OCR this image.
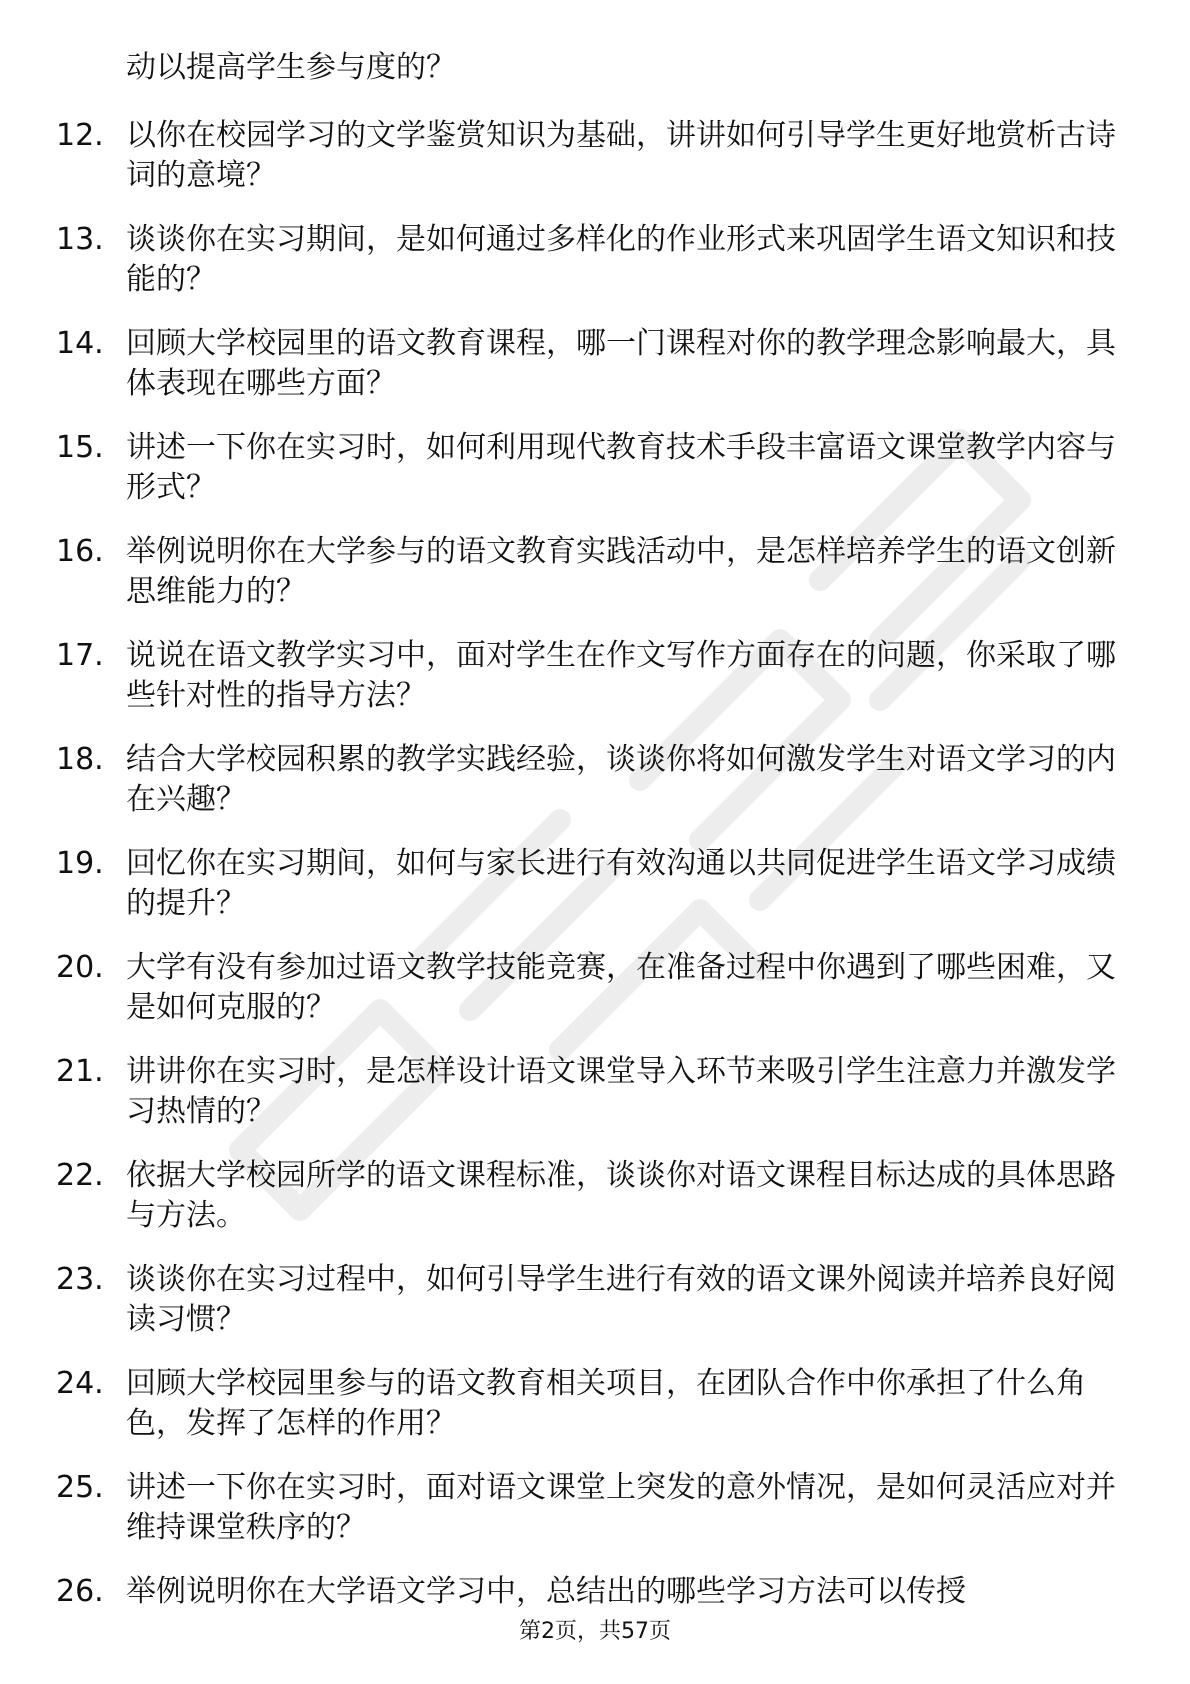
动以提高学生参与度的？
12. 以你在校园学习的文学鉴赏知识为基础，讲讲如何引导学生更好地赏析古诗词的意境？
13. 谈谈你在实习期间，是如何通过多样化的作业形式来巩固学生语文知识和技能的？
14. 回顾大学校园里的语文教育课程，哪一门课程对你的教学理念影响最大，具体表现在哪些方面？
15. 讲述一下你在实习时，如何利用现代教育技术手段丰富语文课堂教学内容与形式？
16. 举例说明你在大学参与的语文教育实践活动中，是怎样培养学生的语文创新思维能力的？
17. 说说在语文教学实习中，面对学生在作文写作方面存在的问题，你采取了哪些针对性的指导方法？
18. 结合大学校园积累的教学实践经验，谈谈你将如何激发学生对语文学习的内在兴趣？
19. 回忆你在实习期间，如何与家长进行有效沟通以共同促进学生语文学习成绩的提升？
20. 大学有没有参加过语文教学技能竞赛，在准备过程中你遇到了哪些困难，又是如何克服的？
21. 讲讲你在实习时，是怎样设计语文课堂导入环节来吸引学生注意力并激发学习热情的？
22. 依据大学校园所学的语文课程标准，谈谈你对语文课程目标达成的具体思路与方法。
23. 谈谈你在实习过程中，如何引导学生进行有效的语文课外阅读并培养良好阅读习惯？
24. 回顾大学校园里参与的语文教育相关项目，在团队合作中你承担了什么角色，发挥了怎样的作用？
25. 讲述一下你在实习时，面对语文课堂上突发的意外情况，是如何灵活应对并维持课堂秩序的？
26. 举例说明你在大学语文学习中，总结出的哪些学习方法可以传授
第2页，共57页
